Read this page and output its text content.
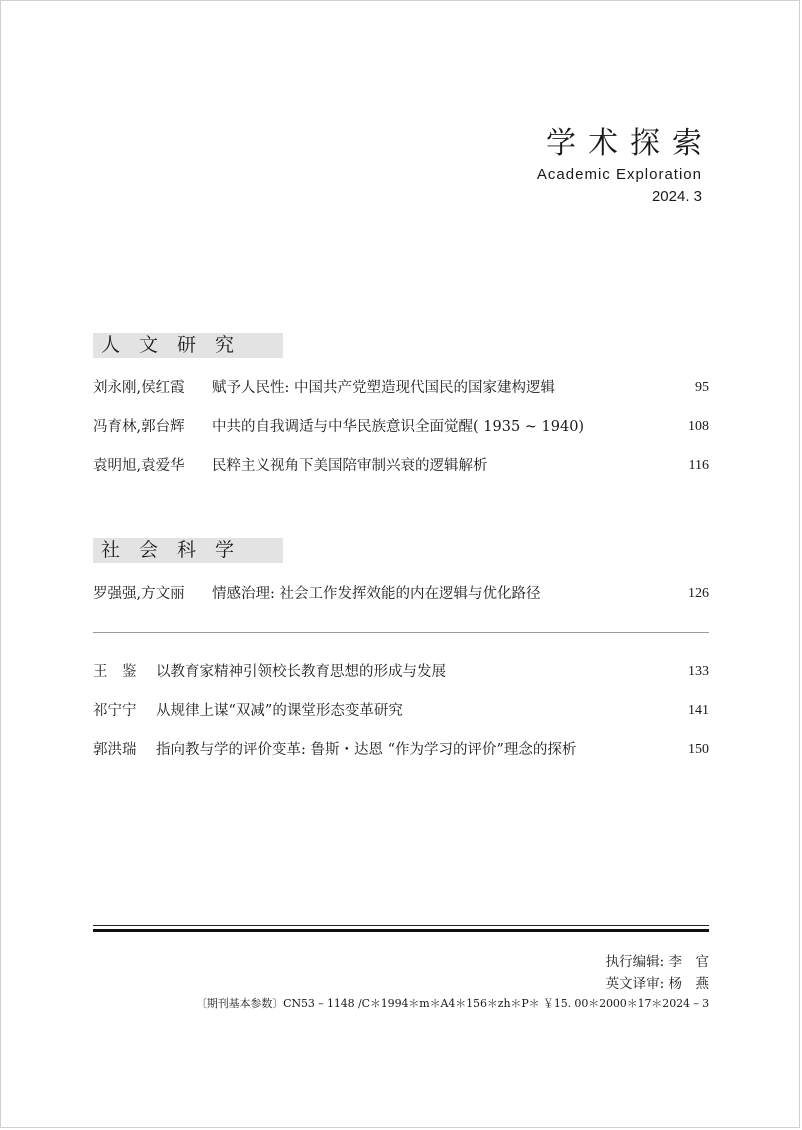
学术探索
Academic Exploration
2024. 3
人文研究
刘永刚,侯红霞 赋予人民性: 中国共产党塑造现代国民的国家建构逻辑	95
冯育林,郭台辉 中共的自我调适与中华民族意识全面觉醒( 1935 ~ 1940)	108
袁明旭,袁爱华 民粹主义视角下美国陪审制兴衰的逻辑解析	116
社会科学
罗强强,方文丽 情感治理: 社会工作发挥效能的内在逻辑与优化路径	126
王　鉴 以教育家精神引领校长教育思想的形成与发展	133
祁宁宁 从规律上谋“双减”的课堂形态变革研究	141
郭洪瑞 指向教与学的评价变革: 鲁斯・达恩 “作为学习的评价”理念的探析	150
执行编辑: 李　官
英文译审: 杨　燕
〔期刊基本参数〕CN53 – 1148 /C＊1994＊m＊A4＊156＊zh＊P＊ ￥15. 00＊2000＊17＊2024 – 3
